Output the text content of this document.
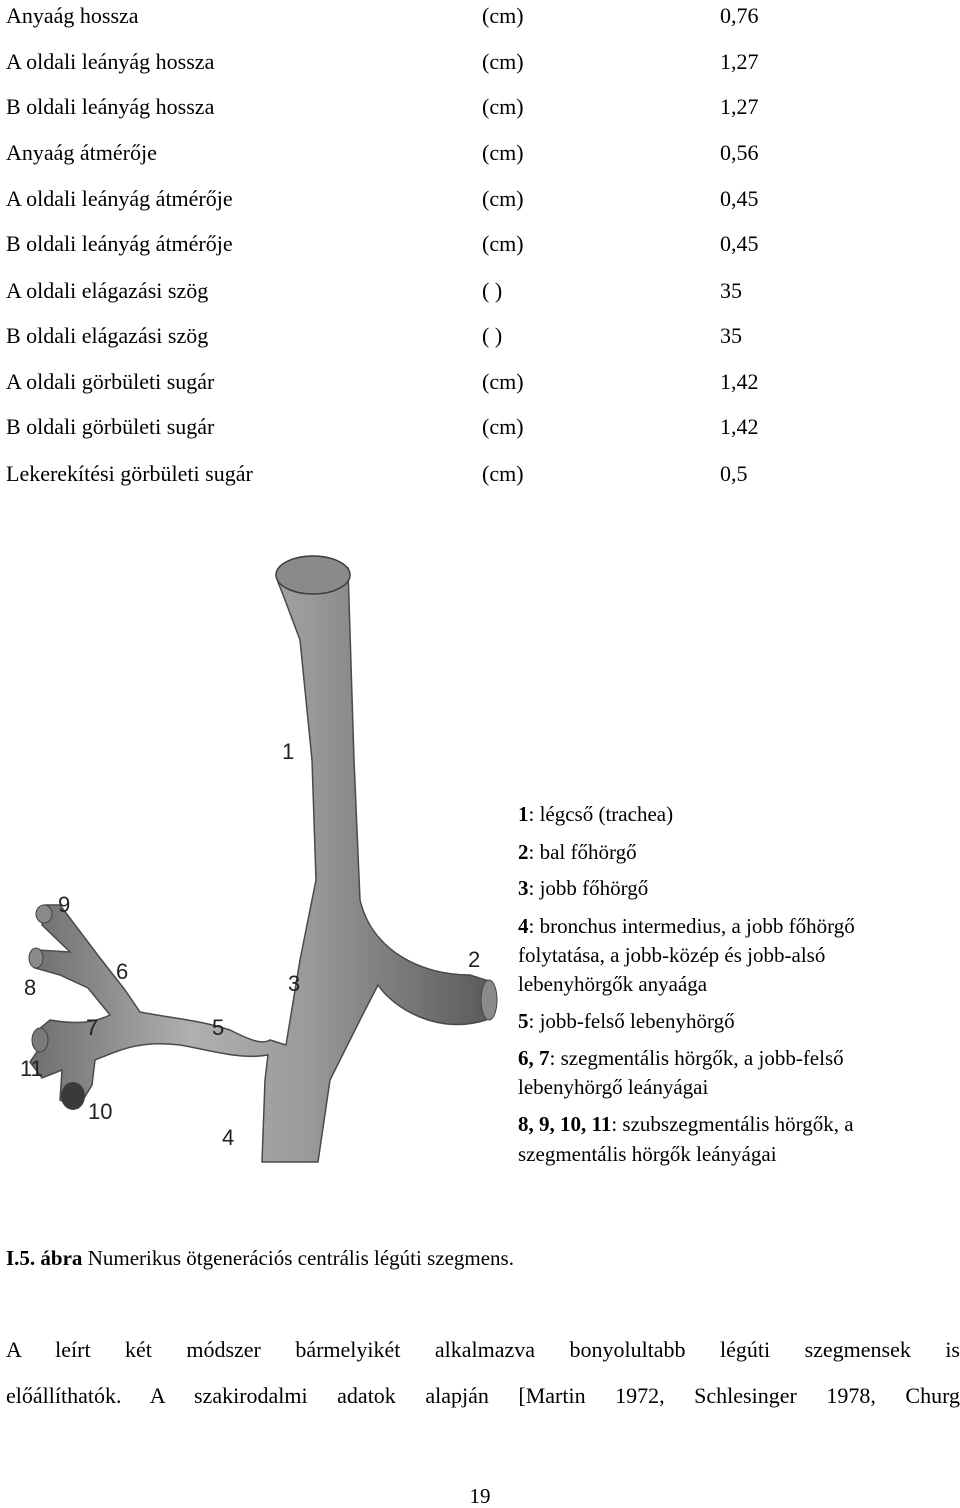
Anyaág hossza	(cm)	0,76
A oldali leányág hossza	(cm)	1,27
B oldali leányág hossza	(cm)	1,27
Anyaág átmérője	(cm)	0,56
A oldali leányág átmérője	(cm)	0,45
B oldali leányág átmérője	(cm)	0,45
A oldali elágazási szög	( )	35
B oldali elágazási szög	( )	35
A oldali görbületi sugár	(cm)	1,42
B oldali görbületi sugár	(cm)	1,42
Lekerekítési görbületi sugár	(cm)	0,5
1
2
3
4
5
6
7
8
9
10
11
1: légcső (trachea)
2: bal főhörgő
3: jobb főhörgő
4: bronchus intermedius, a jobb főhörgő
folytatása, a jobb-közép és jobb-alsó
lebenyhörgők anyaága
5: jobb-felső lebenyhörgő
6, 7: szegmentális hörgők, a jobb-felső
lebenyhörgő leányágai
8, 9, 10, 11: szubszegmentális hörgők, a
szegmentális hörgők leányágai
I.5. ábra Numerikus ötgenerációs centrális légúti szegmens.
A leírt két módszer bármelyikét alkalmazva bonyolultabb légúti szegmensek is
előállíthatók. A szakirodalmi adatok alapján [Martin 1972, Schlesinger 1978, Churg
19
